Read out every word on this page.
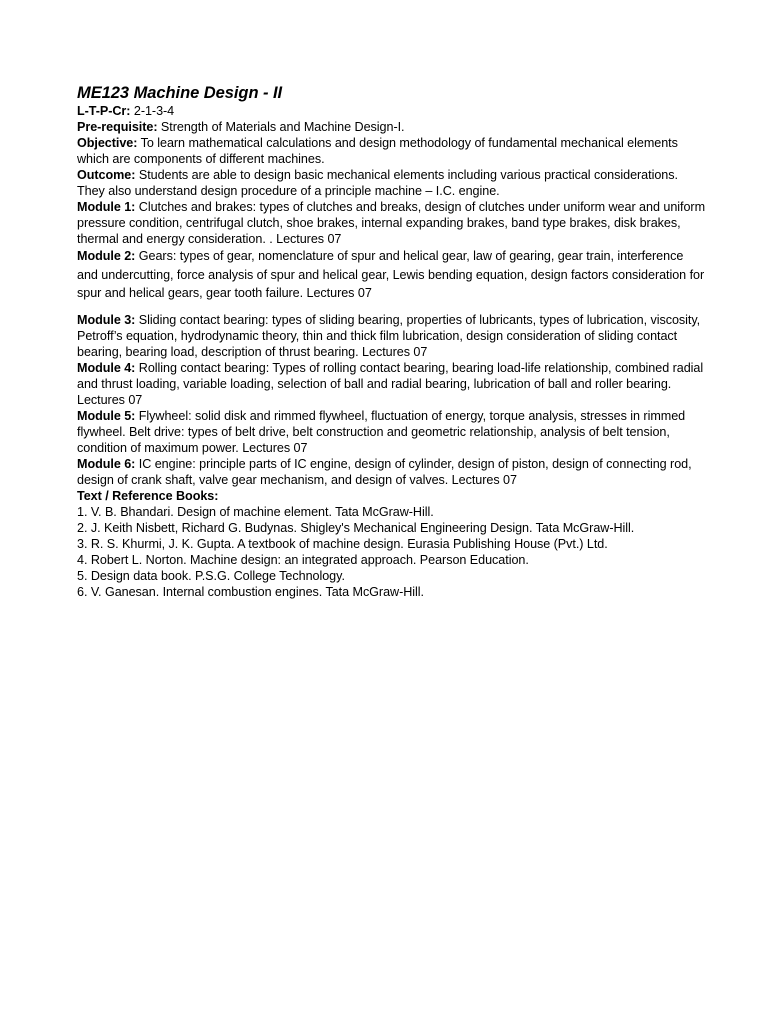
ME123 Machine Design - II

L-T-P-Cr: 2-1-3-4

Pre-requisite: Strength of Materials and Machine Design-I.

Objective: To learn mathematical calculations and design methodology of fundamental mechanical elements which are components of different machines.

Outcome: Students are able to design basic mechanical elements including various practical considerations. They also understand design procedure of a principle machine – I.C. engine.

Module 1: Clutches and brakes: types of clutches and breaks, design of clutches under uniform wear and uniform pressure condition, centrifugal clutch, shoe brakes, internal expanding brakes, band type brakes, disk brakes, thermal and energy consideration. . Lectures 07

Module 2: Gears: types of gear, nomenclature of spur and helical gear, law of gearing, gear train, interference and undercutting, force analysis of spur and helical gear, Lewis bending equation, design factors consideration for spur and helical gears, gear tooth failure. Lectures 07

Module 3: Sliding contact bearing: types of sliding bearing, properties of lubricants, types of lubrication, viscosity, Petroff’s equation, hydrodynamic theory, thin and thick film lubrication, design consideration of sliding contact bearing, bearing load, description of thrust bearing. Lectures 07

Module 4: Rolling contact bearing: Types of rolling contact bearing, bearing load-life relationship, combined radial and thrust loading, variable loading, selection of ball and radial bearing, lubrication of ball and roller bearing. Lectures 07

Module 5: Flywheel: solid disk and rimmed flywheel, fluctuation of energy, torque analysis, stresses in rimmed flywheel. Belt drive: types of belt drive, belt construction and geometric relationship, analysis of belt tension, condition of maximum power. Lectures 07

Module 6: IC engine: principle parts of IC engine, design of cylinder, design of piston, design of connecting rod, design of crank shaft, valve gear mechanism, and design of valves. Lectures 07

Text / Reference Books:

1. V. B. Bhandari. Design of machine element. Tata McGraw-Hill.
2. J. Keith Nisbett, Richard G. Budynas. Shigley's Mechanical Engineering Design. Tata McGraw-Hill.
3. R. S. Khurmi, J. K. Gupta. A textbook of machine design. Eurasia Publishing House (Pvt.) Ltd.
4. Robert L. Norton. Machine design: an integrated approach. Pearson Education.
5. Design data book. P.S.G. College Technology.
6. V. Ganesan. Internal combustion engines. Tata McGraw-Hill.
